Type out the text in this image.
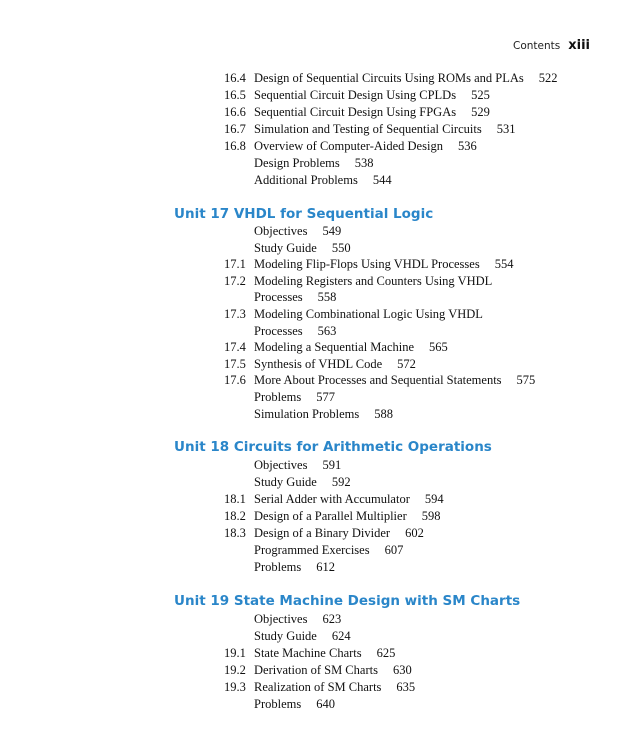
Contents xiii
Unit 17 VHDL for Sequential Logic
Unit 18 Circuits for Arithmetic Operations
Unit 19 State Machine Design with SM Charts
16.4 Design of Sequential Circuits Using ROMs and PLAs 522
16.5 Sequential Circuit Design Using CPLDs 525
16.6 Sequential Circuit Design Using FPGAs 529
16.7 Simulation and Testing of Sequential Circuits 531
16.8 Overview of Computer-Aided Design 536
Design Problems 538
Additional Problems 544
Objectives 549
Study Guide 550
17.1 Modeling Flip-Flops Using VHDL Processes 554
17.2 Modeling Registers and Counters Using VHDL
Processes 558
17.3 Modeling Combinational Logic Using VHDL
Processes 563
17.4 Modeling a Sequential Machine 565
17.5 Synthesis of VHDL Code 572
17.6 More About Processes and Sequential Statements 575
Problems 577
Simulation Problems 588
Objectives 591
Study Guide 592
18.1 Serial Adder with Accumulator 594
18.2 Design of a Parallel Multiplier 598
18.3 Design of a Binary Divider 602
Programmed Exercises 607
Problems 612
Objectives 623
Study Guide 624
19.1 State Machine Charts 625
19.2 Derivation of SM Charts 630
19.3 Realization of SM Charts 635
Problems 640
